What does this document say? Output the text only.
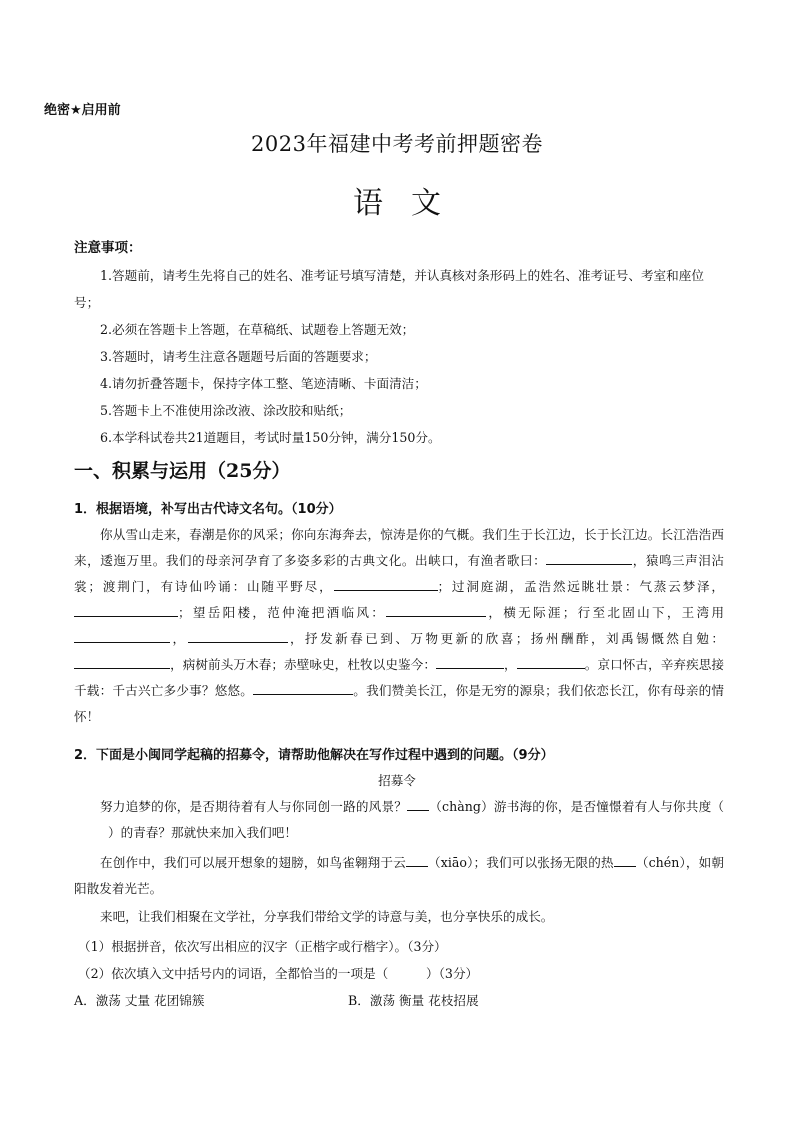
绝密★启用前
2023年福建中考考前押题密卷
语文
注意事项：
1.答题前，请考生先将自己的姓名、准考证号填写清楚，并认真核对条形码上的姓名、准考证号、考室和座位号；
2.必须在答题卡上答题，在草稿纸、试题卷上答题无效；
3.答题时，请考生注意各题题号后面的答题要求；
4.请勿折叠答题卡，保持字体工整、笔迹清晰、卡面清洁；
5.答题卡上不准使用涂改液、涂改胶和贴纸；
6.本学科试卷共21道题目，考试时量150分钟，满分150分。
一、积累与运用（25分）
1．根据语境，补写出古代诗文名句。（10分）

你从雪山走来，春潮是你的风采；你向东海奔去，惊涛是你的气概。我们生于长江边，长于长江边。长江浩浩西来，逶迤万里。我们的母亲河孕育了多姿多彩的古典文化。出峡口，有渔者歌曰：	，猿鸣三声泪沾裳；渡荆门，有诗仙吟诵：山随平野尽，	；过洞庭湖，孟浩然远眺壮景：气蒸云梦泽，；望岳阳楼，范仲淹把酒临风：	，横无际涯；行至北固山下，王湾用，	，抒发新春已到、万物更新的欣喜；扬州酬酢，刘禹锡慨然自勉：，病树前头万木春；赤壁咏史，杜牧以史鉴今：	，	。京口怀古，辛弃疾思接千载：千古兴亡多少事？悠悠。	。我们赞美长江，你是无穷的源泉；我们依恋长江，你有母亲的情怀！

2．下面是小闽同学起稿的招募令，请帮助他解决在写作过程中遇到的问题。（9分）
招募令

努力追梦的你，是否期待着有人与你同创一路的风景？ （chàng）游书海的你，是否憧憬着有人与你共度（）的青春？那就快来加入我们吧！

在创作中，我们可以展开想象的翅膀，如鸟雀翱翔于云 （xiāo）；我们可以张扬无限的热 （chén），如朝阳散发着光芒。

来吧，让我们相聚在文学社，分享我们带给文学的诗意与美，也分享快乐的成长。

（1）根据拼音，依次写出相应的汉字（正楷字或行楷字）。（3分）
（2）依次填入文中括号内的词语，全都恰当的一项是（　　　）（3分）
A．激荡 丈量 花团锦簇	B．激荡 衡量 花枝招展
